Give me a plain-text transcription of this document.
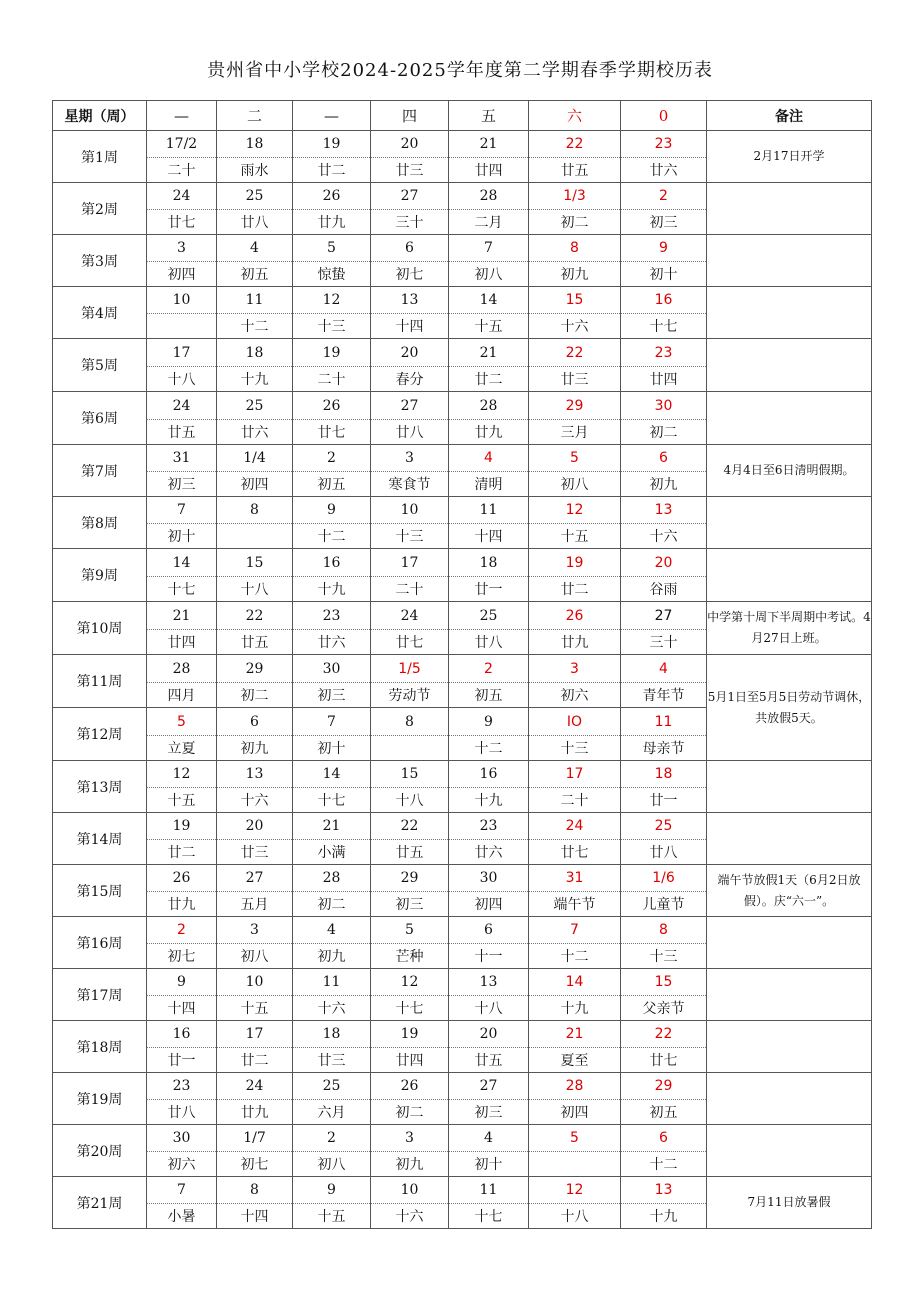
贵州省中小学校2024-2025学年度第二学期春季学期校历表
星期（周）	—	二	—	四	五	六	0	备注
第1周	17/2	18	19	20	21	22	23	2月17日开学
	二十	雨水	廿二	廿三	廿四	廿五	廿六	
第2周	24	25	26	27	28	1/3	2	
	廿七	廿八	廿九	三十	二月	初二	初三	
第3周	3	4	5	6	7	8	9	
	初四	初五	惊蛰	初七	初八	初九	初十	
第4周	10	11	12	13	14	15	16	
		十二	十三	十四	十五	十六	十七	
第5周	17	18	19	20	21	22	23	
	十八	十九	二十	春分	廿二	廿三	廿四	
第6周	24	25	26	27	28	29	30	
	廿五	廿六	廿七	廿八	廿九	三月	初二	
第7周	31	1/4	2	3	4	5	6	4月4日至6日清明假期。
	初三	初四	初五	寒食节	清明	初八	初九	
第8周	7	8	9	10	11	12	13	
	初十		十二	十三	十四	十五	十六	
第9周	14	15	16	17	18	19	20	
	十七	十八	十九	二十	廿一	廿二	谷雨	
第10周	21	22	23	24	25	26	27	中学第十周下半周期中考试。4月27日上班。
	廿四	廿五	廿六	廿七	廿八	廿九	三十	
第11周	28	29	30	1/5	2	3	4	5月1日至5月5日劳动节调休，共放假5天。
	四月	初二	初三	劳动节	初五	初六	青年节	
第12周	5	6	7	8	9	IO	11	
	立夏	初九	初十		十二	十三	母亲节	
第13周	12	13	14	15	16	17	18	
	十五	十六	十七	十八	十九	二十	廿一	
第14周	19	20	21	22	23	24	25	
	廿二	廿三	小满	廿五	廿六	廿七	廿八	
第15周	26	27	28	29	30	31	1/6	端午节放假1天（6月2日放假）。庆“六一”。
	廿九	五月	初二	初三	初四	端午节	儿童节	
第16周	2	3	4	5	6	7	8	
	初七	初八	初九	芒种	十一	十二	十三	
第17周	9	10	11	12	13	14	15	
	十四	十五	十六	十七	十八	十九	父亲节	
第18周	16	17	18	19	20	21	22	
	廿一	廿二	廿三	廿四	廿五	夏至	廿七	
第19周	23	24	25	26	27	28	29	
	廿八	廿九	六月	初二	初三	初四	初五	
第20周	30	1/7	2	3	4	5	6	
	初六	初七	初八	初九	初十		十二	
第21周	7	8	9	10	11	12	13	7月11日放暑假
	小暑	十四	十五	十六	十七	十八	十九	
